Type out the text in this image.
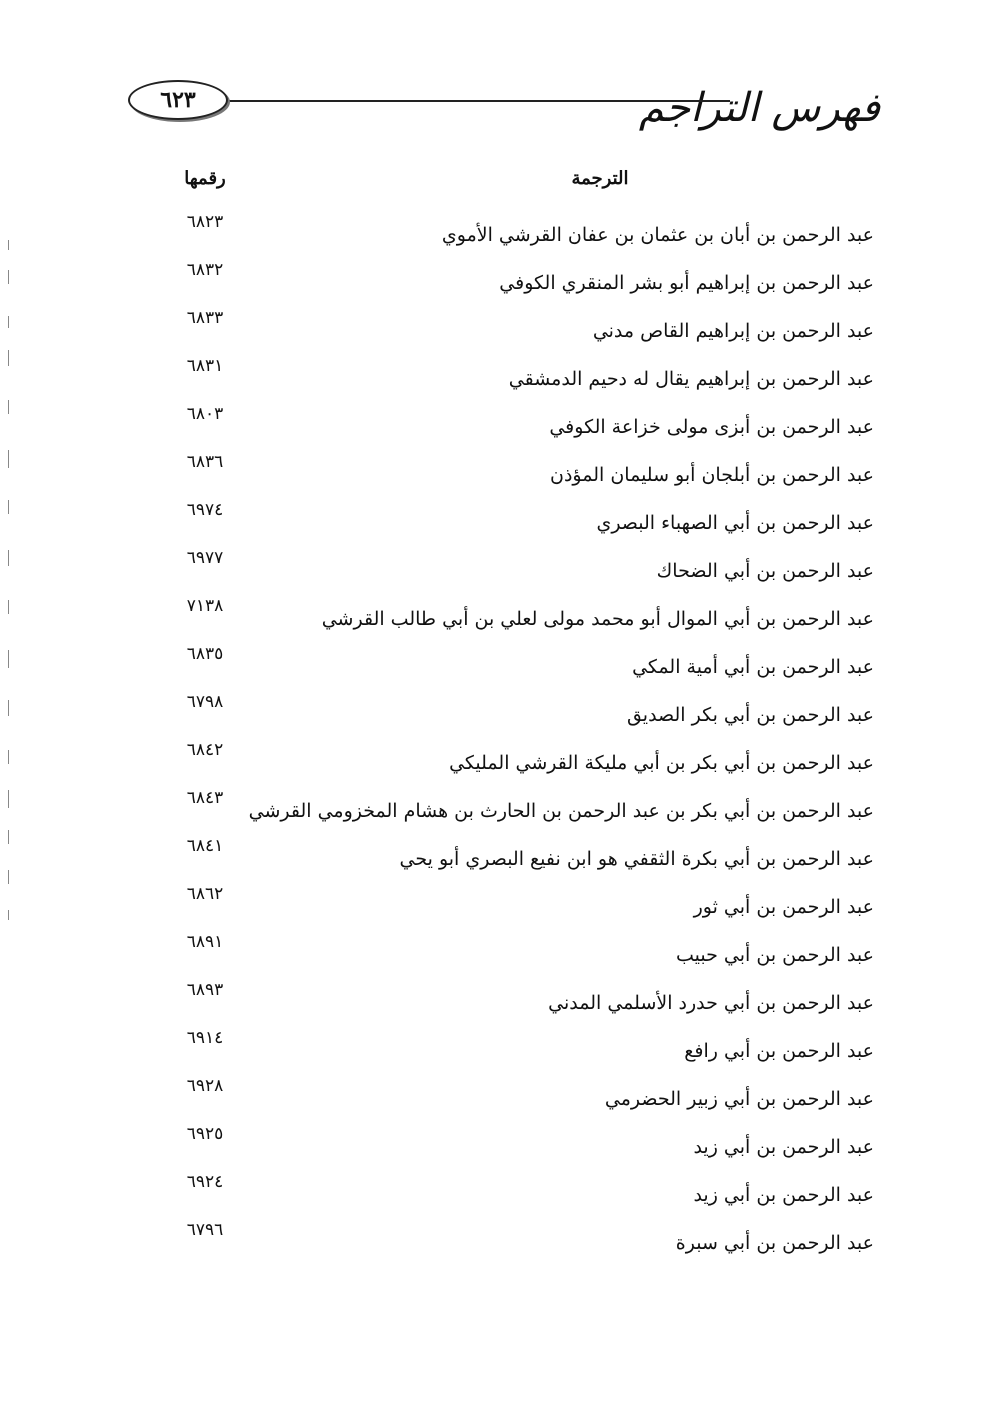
فهرس التراجم
٦٢٣
الترجمة
رقمها
عبد الرحمن بن أبان بن عثمان بن عفان القرشي الأموي
٦٨٢٣
عبد الرحمن بن إبراهيم أبو بشر المنقري الكوفي
٦٨٣٢
عبد الرحمن بن إبراهيم القاص مدني
٦٨٣٣
عبد الرحمن بن إبراهيم يقال له دحيم الدمشقي
٦٨٣١
عبد الرحمن بن أبزى مولى خزاعة الكوفي
٦٨٠٣
عبد الرحمن بن أبلجان أبو سليمان المؤذن
٦٨٣٦
عبد الرحمن بن أبي الصهباء البصري
٦٩٧٤
عبد الرحمن بن أبي الضحاك
٦٩٧٧
عبد الرحمن بن أبي الموال أبو محمد مولى لعلي بن أبي طالب القرشي
٧١٣٨
عبد الرحمن بن أبي أمية المكي
٦٨٣٥
عبد الرحمن بن أبي بكر الصديق
٦٧٩٨
عبد الرحمن بن أبي بكر بن أبي مليكة القرشي المليكي
٦٨٤٢
عبد الرحمن بن أبي بكر بن عبد الرحمن بن الحارث بن هشام المخزومي القرشي
٦٨٤٣
عبد الرحمن بن أبي بكرة الثقفي هو ابن نفيع البصري أبو يحي
٦٨٤١
عبد الرحمن بن أبي ثور
٦٨٦٢
عبد الرحمن بن أبي حبيب
٦٨٩١
عبد الرحمن بن أبي حدرد الأسلمي المدني
٦٨٩٣
عبد الرحمن بن أبي رافع
٦٩١٤
عبد الرحمن بن أبي زبير الحضرمي
٦٩٢٨
عبد الرحمن بن أبي زيد
٦٩٢٥
عبد الرحمن بن أبي زيد
٦٩٢٤
عبد الرحمن بن أبي سبرة
٦٧٩٦
